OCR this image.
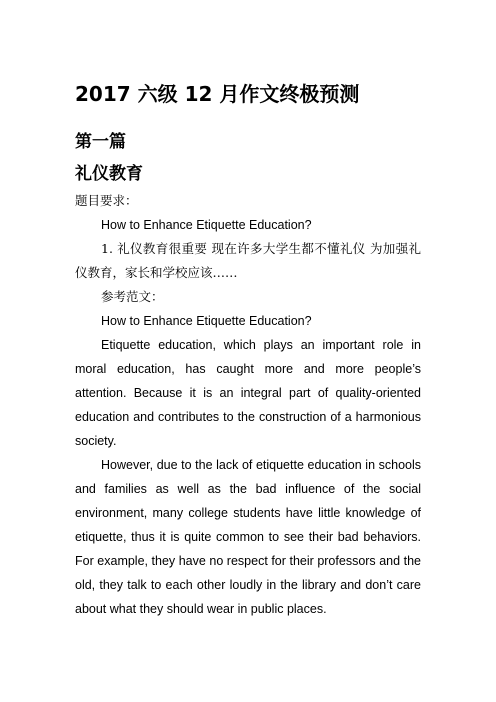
2017 六级 12 月作文终极预测
第一篇
礼仪教育

题目要求：

How to Enhance Etiquette Education?

1. 礼仪教育很重要 现在许多大学生都不懂礼仪 为加强礼仪教育，家长和学校应该……

参考范文：

How to Enhance Etiquette Education?

Etiquette education, which plays an important role in moral education, has caught more and more people’s attention. Because it is an integral part of quality-oriented education and contributes to the construction of a harmonious society.

However, due to the lack of etiquette education in schools and families as well as the bad influence of the social environment, many college students have little knowledge of etiquette, thus it is quite common to see their bad behaviors. For example, they have no respect for their professors and the old, they talk to each other loudly in the library and don’t care about what they should wear in public places.
